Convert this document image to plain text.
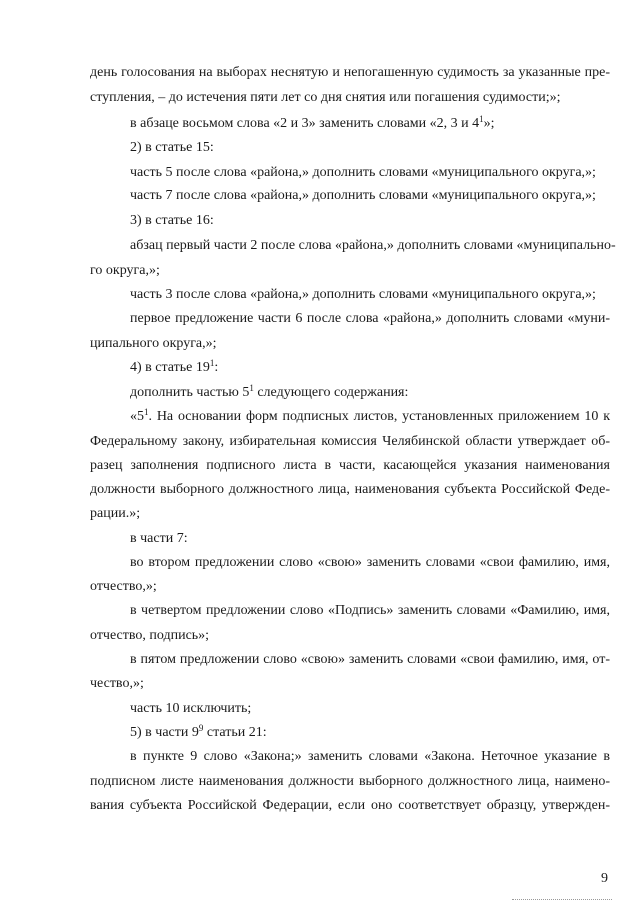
день голосования на выборах неснятую и непогашенную судимость за указанные пре-
ступления, – до истечения пяти лет со дня снятия или погашения судимости;»;
в абзаце восьмом слова «2 и 3» заменить словами «2, 3 и $4^1$»;
2) в статье 15:
часть 5 после слова «района,» дополнить словами «муниципального округа,»;
часть 7 после слова «района,» дополнить словами «муниципального округа,»;
3) в статье 16:
абзац первый части 2 после слова «района,» дополнить словами «муниципально-
го округа,»;
часть 3 после слова «района,» дополнить словами «муниципального округа,»;
первое предложение части 6 после слова «района,» дополнить словами «муни-
ципального округа,»;
4) в статье $19^1$:
дополнить частью $5^1$ следующего содержания:
«$5^1$. На основании форм подписных листов, установленных приложением 10 к
Федеральному закону, избирательная комиссия Челябинской области утверждает об-
разец заполнения подписного листа в части, касающейся указания наименования
должности выборного должностного лица, наименования субъекта Российской Феде-
рации.»;
в части 7:
во втором предложении слово «свою» заменить словами «свои фамилию, имя,
отчество,»;
в четвертом предложении слово «Подпись» заменить словами «Фамилию, имя,
отчество, подпись»;
в пятом предложении слово «свою» заменить словами «свои фамилию, имя, от-
чество,»;
часть 10 исключить;
5) в части $9^9$ статьи 21:
в пункте 9 слово «Закона;» заменить словами «Закона. Неточное указание в
подписном листе наименования должности выборного должностного лица, наимено-
вания субъекта Российской Федерации, если оно соответствует образцу, утвержден-
9
